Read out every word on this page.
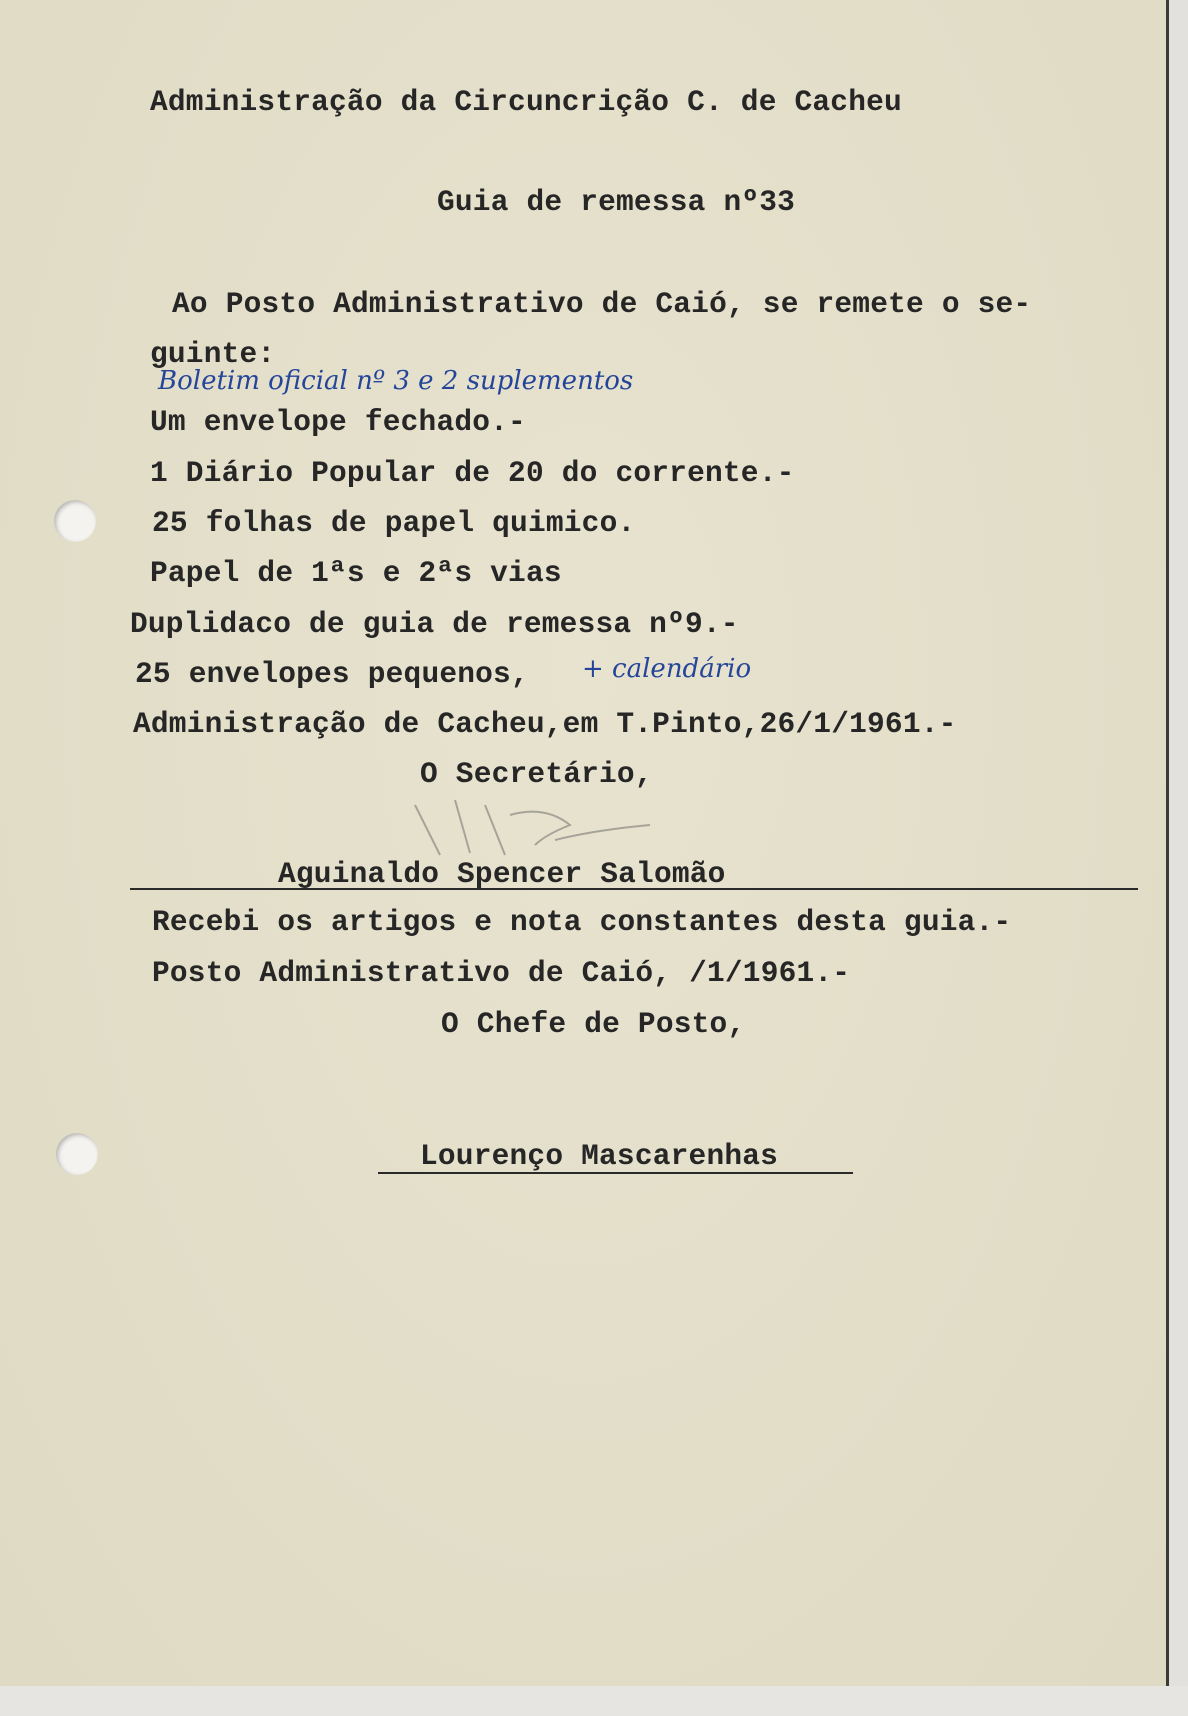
Administração da Circuncrição C. de Cacheu
Guia de remessa nº33
Ao Posto Administrativo de Caió, se remete o se-
guinte:
Boletim oficial nº 3 e 2 suplementos
Um envelope fechado.-
1 Diário Popular de 20 do corrente.-
25 folhas de papel quimico.
Papel de 1ªs e 2ªs vias
Duplidaco de guia de remessa nº9.-
25 envelopes pequenos, + calendário
Administração de Cacheu,em T.Pinto,26/1/1961.-
O Secretário,
Aguinaldo Spencer Salomão
Recebi os artigos e nota constantes desta guia.-
Posto Administrativo de Caió, /1/1961.-
O Chefe de Posto,
Lourenço Mascarenhas
